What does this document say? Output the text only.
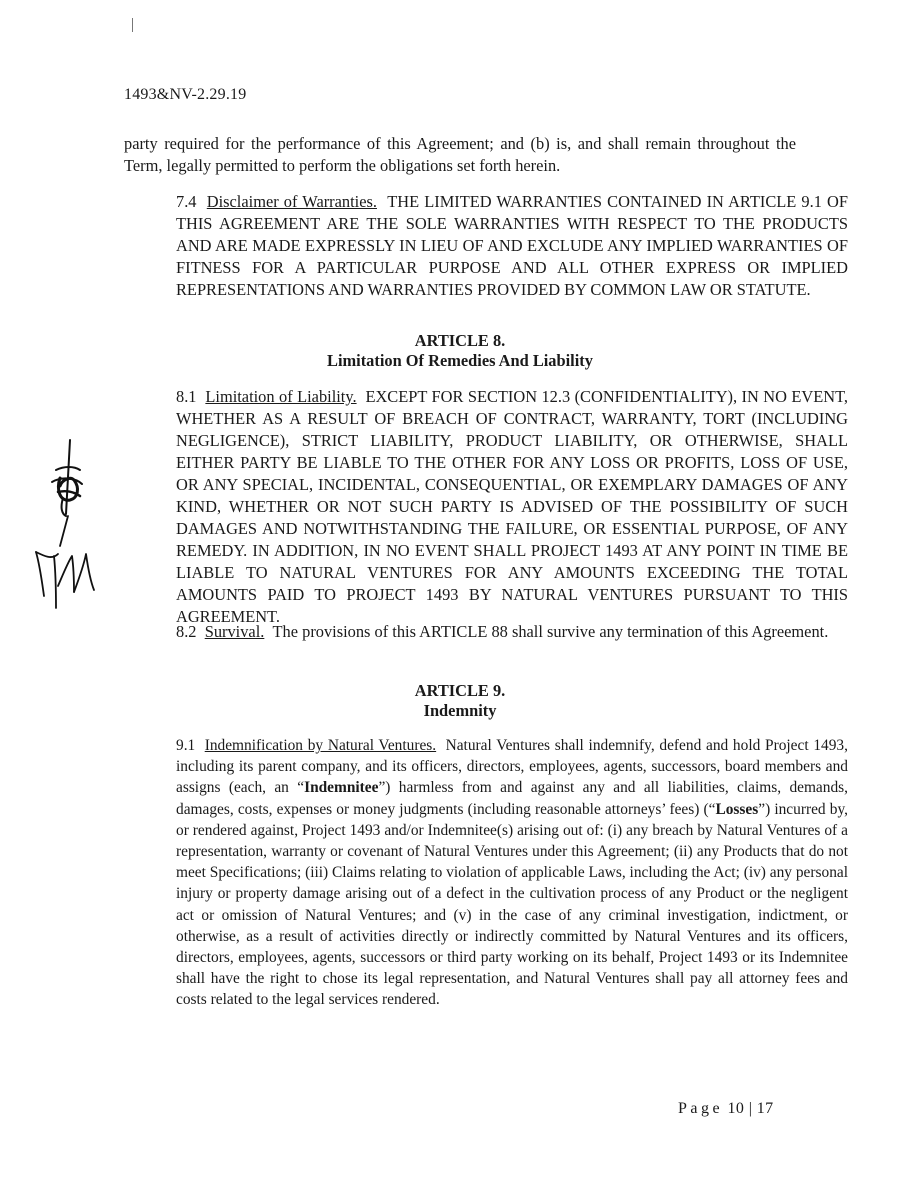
1493&NV-2.29.19

party required for the performance of this Agreement; and (b) is, and shall remain throughout the Term, legally permitted to perform the obligations set forth herein.

7.4 Disclaimer of Warranties. THE LIMITED WARRANTIES CONTAINED IN ARTICLE 9.1 OF THIS AGREEMENT ARE THE SOLE WARRANTIES WITH RESPECT TO THE PRODUCTS AND ARE MADE EXPRESSLY IN LIEU OF AND EXCLUDE ANY IMPLIED WARRANTIES OF FITNESS FOR A PARTICULAR PURPOSE AND ALL OTHER EXPRESS OR IMPLIED REPRESENTATIONS AND WARRANTIES PROVIDED BY COMMON LAW OR STATUTE.

ARTICLE 8.
Limitation Of Remedies And Liability

8.1 Limitation of Liability. EXCEPT FOR SECTION 12.3 (CONFIDENTIALITY), IN NO EVENT, WHETHER AS A RESULT OF BREACH OF CONTRACT, WARRANTY, TORT (INCLUDING NEGLIGENCE), STRICT LIABILITY, PRODUCT LIABILITY, OR OTHERWISE, SHALL EITHER PARTY BE LIABLE TO THE OTHER FOR ANY LOSS OR PROFITS, LOSS OF USE, OR ANY SPECIAL, INCIDENTAL, CONSEQUENTIAL, OR EXEMPLARY DAMAGES OF ANY KIND, WHETHER OR NOT SUCH PARTY IS ADVISED OF THE POSSIBILITY OF SUCH DAMAGES AND NOTWITHSTANDING THE FAILURE, OR ESSENTIAL PURPOSE, OF ANY REMEDY. IN ADDITION, IN NO EVENT SHALL PROJECT 1493 AT ANY POINT IN TIME BE LIABLE TO NATURAL VENTURES FOR ANY AMOUNTS EXCEEDING THE TOTAL AMOUNTS PAID TO PROJECT 1493 BY NATURAL VENTURES PURSUANT TO THIS AGREEMENT.

8.2 Survival. The provisions of this ARTICLE 88 shall survive any termination of this Agreement.

ARTICLE 9.
Indemnity

9.1 Indemnification by Natural Ventures. Natural Ventures shall indemnify, defend and hold Project 1493, including its parent company, and its officers, directors, employees, agents, successors, board members and assigns (each, an “Indemnitee”) harmless from and against any and all liabilities, claims, demands, damages, costs, expenses or money judgments (including reasonable attorneys’ fees) (“Losses”) incurred by, or rendered against, Project 1493 and/or Indemnitee(s) arising out of: (i) any breach by Natural Ventures of a representation, warranty or covenant of Natural Ventures under this Agreement; (ii) any Products that do not meet Specifications; (iii) Claims relating to violation of applicable Laws, including the Act; (iv) any personal injury or property damage arising out of a defect in the cultivation process of any Product or the negligent act or omission of Natural Ventures; and (v) in the case of any criminal investigation, indictment, or otherwise, as a result of activities directly or indirectly committed by Natural Ventures and its officers, directors, employees, agents, successors or third party working on its behalf, Project 1493 or its Indemnitee shall have the right to chose its legal representation, and Natural Ventures shall pay all attorney fees and costs related to the legal services rendered.

Page 10 | 17
